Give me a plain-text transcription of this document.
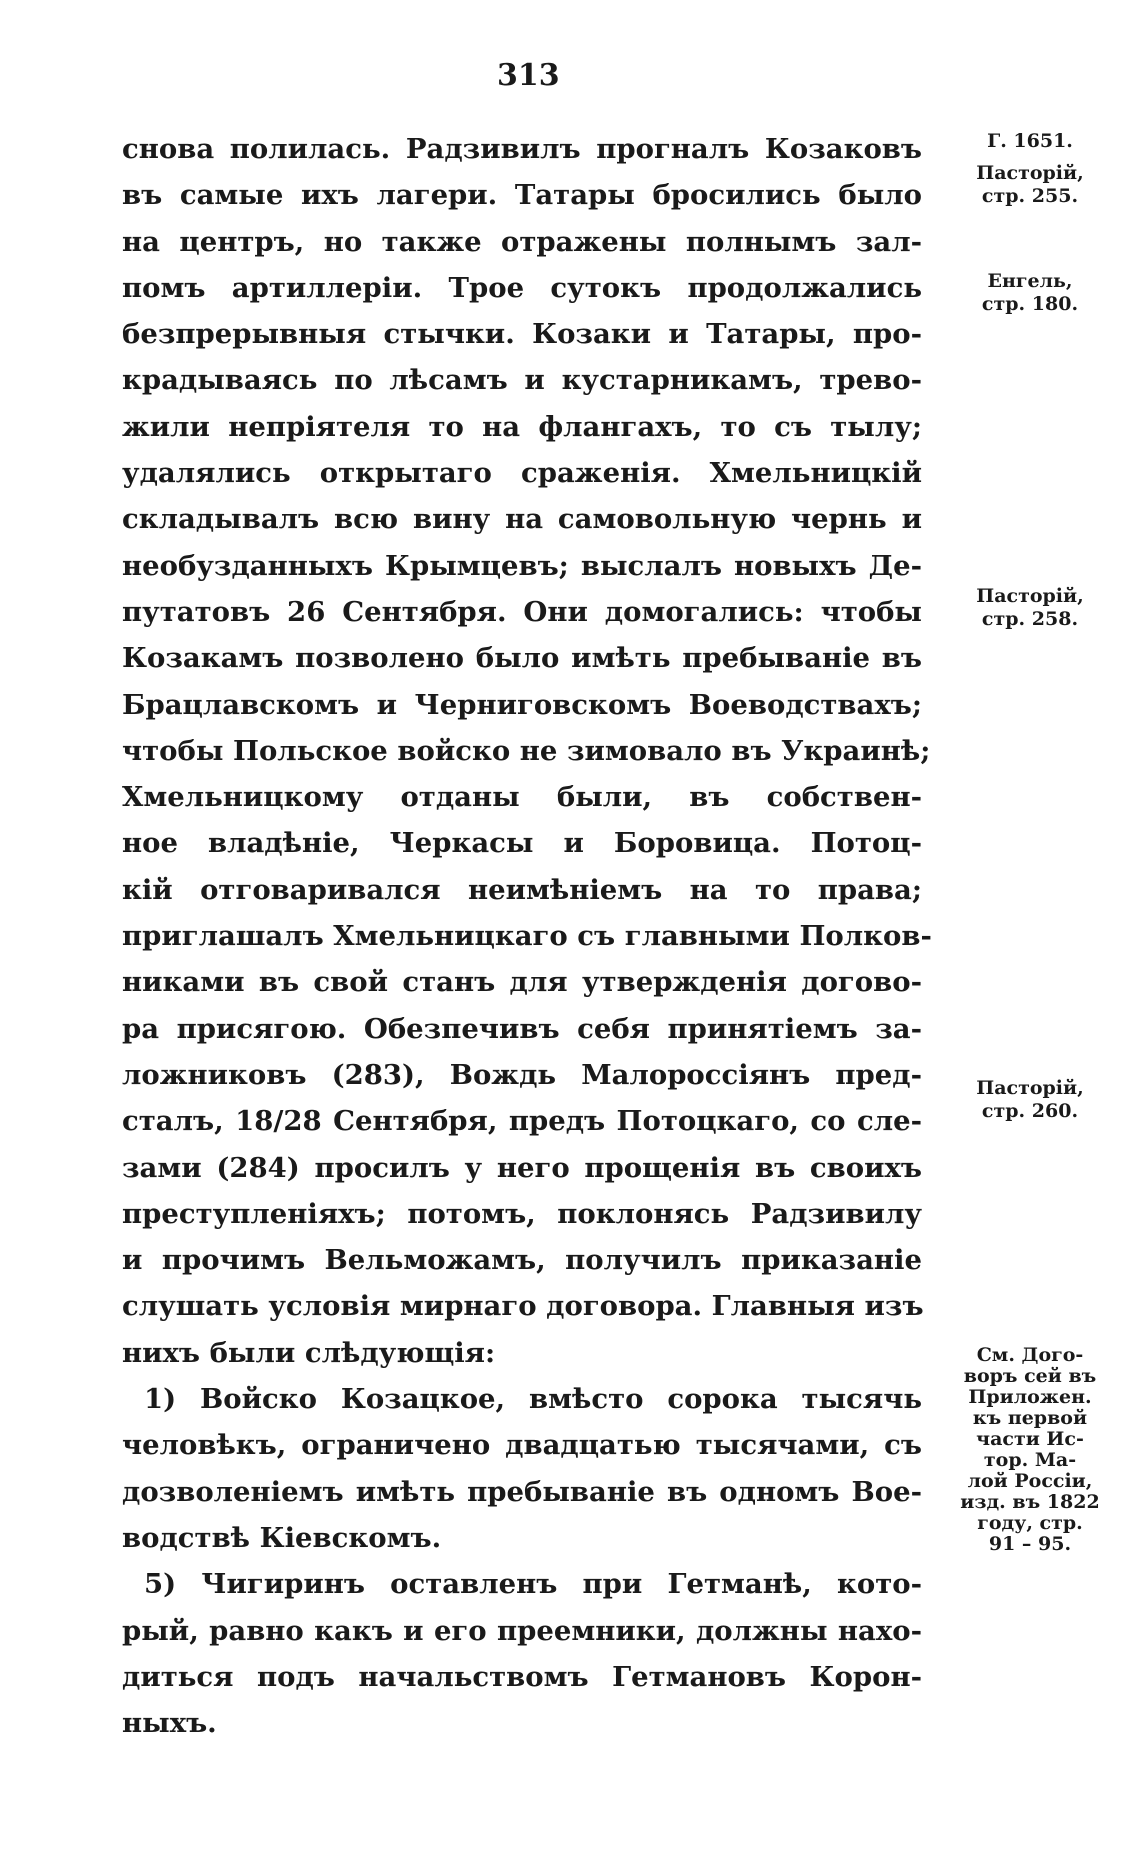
313
снова полилась. Радзивилъ прогналъ Козаковъ
въ самые ихъ лагери. Татары бросились было
на центръ, но также отражены полнымъ зал-
помъ артиллеріи. Трое сутокъ продолжались
безпрерывныя стычки. Козаки и Татары, про-
крадываясь по лѣсамъ и кустарникамъ, трево-
жили непріятеля то на флангахъ, то съ тылу;
удалялись открытаго сраженія. Хмельницкій
складывалъ всю вину на самовольную чернь и
необузданныхъ Крымцевъ; выслалъ новыхъ Де-
путатовъ 26 Сентября. Они домогались: чтобы
Козакамъ позволено было имѣть пребываніе въ
Брацлавскомъ и Черниговскомъ Воеводствахъ;
чтобы Польское войско не зимовало въ Украинѣ;
Хмельницкому отданы были, въ собствен-
ное владѣніе, Черкасы и Боровица. Потоц-
кій отговаривался неимѣніемъ на то права;
приглашалъ Хмельницкаго съ главными Полков-
никами въ свой станъ для утвержденія догово-
ра присягою. Обезпечивъ себя принятіемъ за-
ложниковъ (283), Вождь Малороссіянъ пред-
сталъ, 18/28 Сентября, предъ Потоцкаго, со сле-
зами (284) просилъ у него прощенія въ своихъ
преступленіяхъ; потомъ, поклонясь Радзивилу
и прочимъ Вельможамъ, получилъ приказаніе
слушать условія мирнаго договора. Главныя изъ
нихъ были слѣдующія:
1) Войско Козацкое, вмѣсто сорока тысячь
человѣкъ, ограничено двадцатью тысячами, съ
дозволеніемъ имѣть пребываніе въ одномъ Вое-
водствѣ Кіевскомъ.
5) Чигиринъ оставленъ при Гетманѣ, кото-
рый, равно какъ и его преемники, должны нахо-
диться подъ начальствомъ Гетмановъ Корон-
ныхъ.
Г. 1651.
Пасторій,
стр. 255.
Енгель,
стр. 180.
Пасторій,
стр. 258.
Пасторій,
стр. 260.
См. Дого-
воръ сей въ
Приложен.
къ первой
части Ис-
тор. Ма-
лой Россіи,
изд. въ 1822
году, стр.
91 – 95.
